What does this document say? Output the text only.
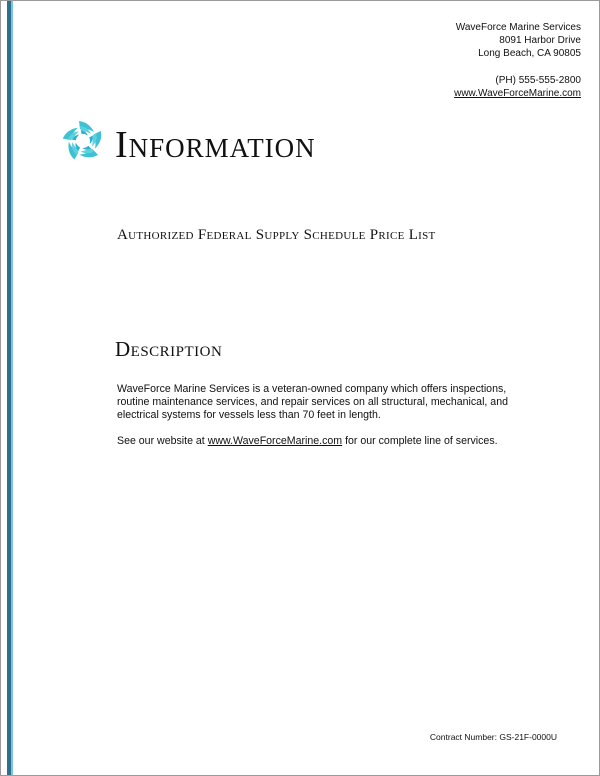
WaveForce Marine Services
8091 Harbor Drive
Long Beach, CA 90805
(PH) 555-555-2800
www.WaveForceMarine.com
Information
Authorized Federal Supply Schedule Price List
Description

WaveForce Marine Services is a veteran-owned company which offers inspections, routine maintenance services, and repair services on all structural, mechanical, and electrical systems for vessels less than 70 feet in length.

See our website at www.WaveForceMarine.com for our complete line of services.

Contract Number: GS-21F-0000U
